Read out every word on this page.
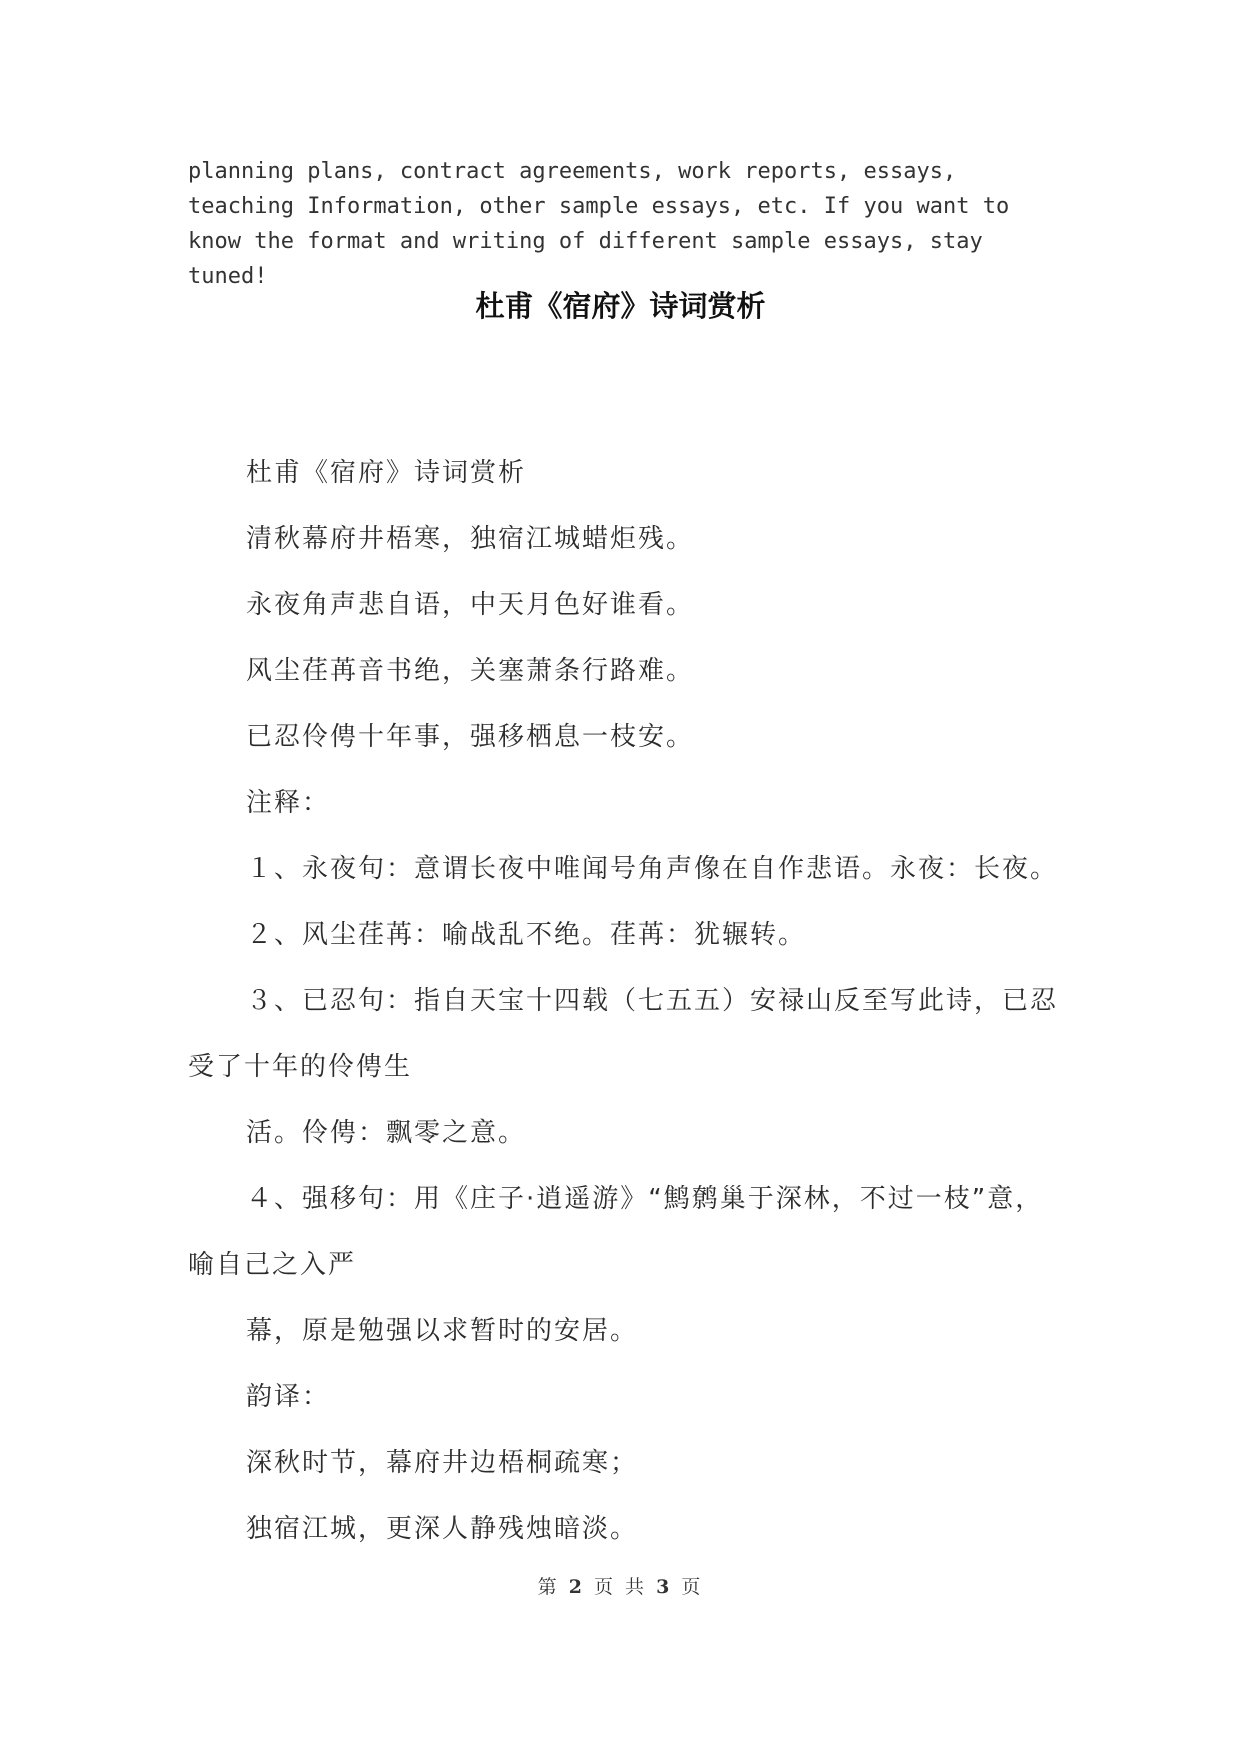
planning plans, contract agreements, work reports, essays, teaching Information, other sample essays, etc. If you want to know the format and writing of different sample essays, stay tuned!

杜甫《宿府》诗词赏析

杜甫《宿府》诗词赏析

清秋幕府井梧寒，独宿江城蜡炬残。

永夜角声悲自语，中天月色好谁看。

风尘荏苒音书绝，关塞萧条行路难。

已忍伶俜十年事，强移栖息一枝安。

注释：

１、永夜句：意谓长夜中唯闻号角声像在自作悲语。永夜：长夜。

２、风尘荏苒：喻战乱不绝。荏苒：犹辗转。

３、已忍句：指自天宝十四载（七五五）安禄山反至写此诗，已忍受了十年的伶俜生

活。伶俜：飘零之意。

４、强移句：用《庄子·逍遥游》“鹪鹩巢于深林，不过一枝”意，喻自己之入严

幕，原是勉强以求暂时的安居。

韵译：

深秋时节，幕府井边梧桐疏寒；

独宿江城，更深人静残烛暗淡。

第 2 页 共 3 页
